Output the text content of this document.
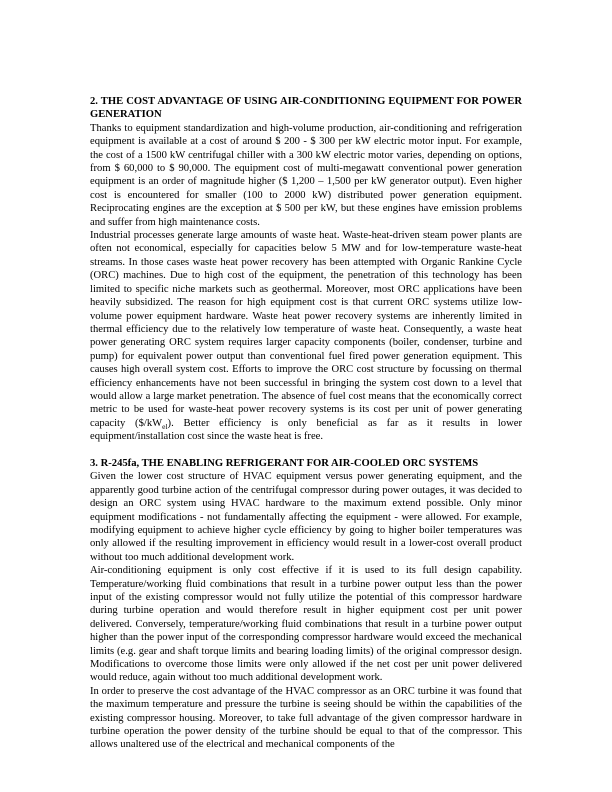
2. THE COST ADVANTAGE OF USING AIR-CONDITIONING EQUIPMENT FOR POWER GENERATION

Thanks to equipment standardization and high-volume production, air-conditioning and refrigeration equipment is available at a cost of around $ 200 - $ 300 per kW electric motor input. For example, the cost of a 1500 kW centrifugal chiller with a 300 kW electric motor varies, depending on options, from $ 60,000 to $ 90,000. The equipment cost of multi-megawatt conventional power generation equipment is an order of magnitude higher ($ 1,200 – 1,500 per kW generator output). Even higher cost is encountered for smaller (100 to 2000 kW) distributed power generation equipment. Reciprocating engines are the exception at $ 500 per kW, but these engines have emission problems and suffer from high maintenance costs.

Industrial processes generate large amounts of waste heat. Waste-heat-driven steam power plants are often not economical, especially for capacities below 5 MW and for low-temperature waste-heat streams. In those cases waste heat power recovery has been attempted with Organic Rankine Cycle (ORC) machines. Due to high cost of the equipment, the penetration of this technology has been limited to specific niche markets such as geothermal. Moreover, most ORC applications have been heavily subsidized. The reason for high equipment cost is that current ORC systems utilize low-volume power equipment hardware. Waste heat power recovery systems are inherently limited in thermal efficiency due to the relatively low temperature of waste heat. Consequently, a waste heat power generating ORC system requires larger capacity components (boiler, condenser, turbine and pump) for equivalent power output than conventional fuel fired power generation equipment. This causes high overall system cost. Efforts to improve the ORC cost structure by focussing on thermal efficiency enhancements have not been successful in bringing the system cost down to a level that would allow a large market penetration. The absence of fuel cost means that the economically correct metric to be used for waste-heat power recovery systems is its cost per unit of power generating capacity $(\$/kW_{el})$. Better efficiency is only beneficial as far as it results in lower equipment/installation cost since the waste heat is free.

3. R-245fa, THE ENABLING REFRIGERANT FOR AIR-COOLED ORC SYSTEMS

Given the lower cost structure of HVAC equipment versus power generating equipment, and the apparently good turbine action of the centrifugal compressor during power outages, it was decided to design an ORC system using HVAC hardware to the maximum extend possible. Only minor equipment modifications - not fundamentally affecting the equipment - were allowed. For example, modifying equipment to achieve higher cycle efficiency by going to higher boiler temperatures was only allowed if the resulting improvement in efficiency would result in a lower-cost overall product without too much additional development work.

Air-conditioning equipment is only cost effective if it is used to its full design capability. Temperature/working fluid combinations that result in a turbine power output less than the power input of the existing compressor would not fully utilize the potential of this compressor hardware during turbine operation and would therefore result in higher equipment cost per unit power delivered. Conversely, temperature/working fluid combinations that result in a turbine power output higher than the power input of the corresponding compressor hardware would exceed the mechanical limits (e.g. gear and shaft torque limits and bearing loading limits) of the original compressor design. Modifications to overcome those limits were only allowed if the net cost per unit power delivered would reduce, again without too much additional development work.

In order to preserve the cost advantage of the HVAC compressor as an ORC turbine it was found that the maximum temperature and pressure the turbine is seeing should be within the capabilities of the existing compressor housing. Moreover, to take full advantage of the given compressor hardware in turbine operation the power density of the turbine should be equal to that of the compressor. This allows unaltered use of the electrical and mechanical components of the
